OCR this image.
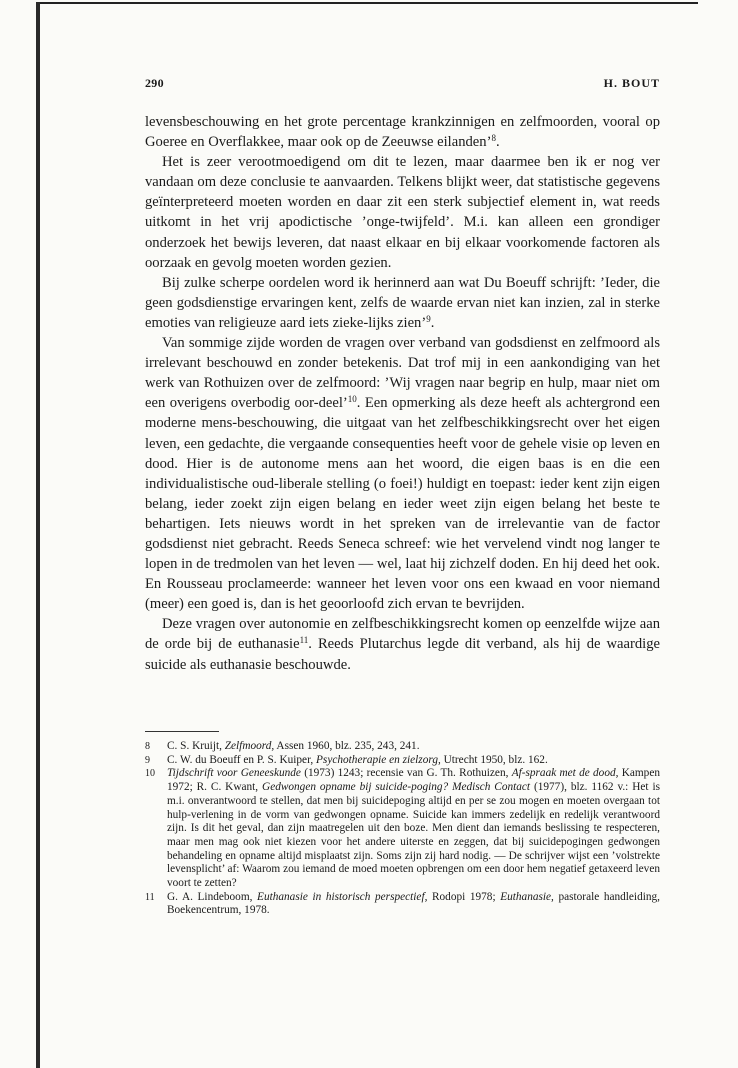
290	H. BOUT

levensbeschouwing en het grote percentage krankzinnigen en zelfmoorden, vooral op Goeree en Overflakkee, maar ook op de Zeeuwse eilanden’$^8$.

Het is zeer verootmoedigend om dit te lezen, maar daarmee ben ik er nog ver vandaan om deze conclusie te aanvaarden. Telkens blijkt weer, dat statistische gegevens geïnterpreteerd moeten worden en daar zit een sterk subjectief element in, wat reeds uitkomt in het vrij apodictische ’onge-twijfeld’. M.i. kan alleen een grondiger onderzoek het bewijs leveren, dat naast elkaar en bij elkaar voorkomende factoren als oorzaak en gevolg moeten worden gezien.

Bij zulke scherpe oordelen word ik herinnerd aan wat Du Boeuff schrijft: ’Ieder, die geen godsdienstige ervaringen kent, zelfs de waarde ervan niet kan inzien, zal in sterke emoties van religieuze aard iets zieke-lijks zien’$^9$.

Van sommige zijde worden de vragen over verband van godsdienst en zelfmoord als irrelevant beschouwd en zonder betekenis. Dat trof mij in een aankondiging van het werk van Rothuizen over de zelfmoord: ’Wij vragen naar begrip en hulp, maar niet om een overigens overbodig oor-deel’$^{10}$. Een opmerking als deze heeft als achtergrond een moderne mens-beschouwing, die uitgaat van het zelfbeschikkingsrecht over het eigen leven, een gedachte, die vergaande consequenties heeft voor de gehele visie op leven en dood. Hier is de autonome mens aan het woord, die eigen baas is en die een individualistische oud-liberale stelling (o foei!) huldigt en toepast: ieder kent zijn eigen belang, ieder zoekt zijn eigen belang en ieder weet zijn eigen belang het beste te behartigen. Iets nieuws wordt in het spreken van de irrelevantie van de factor godsdienst niet gebracht. Reeds Seneca schreef: wie het vervelend vindt nog langer te lopen in de tredmolen van het leven — wel, laat hij zichzelf doden. En hij deed het ook. En Rousseau proclameerde: wanneer het leven voor ons een kwaad en voor niemand (meer) een goed is, dan is het geoorloofd zich ervan te bevrijden.

Deze vragen over autonomie en zelfbeschikkingsrecht komen op eenzelfde wijze aan de orde bij de euthanasie$^{11}$. Reeds Plutarchus legde dit verband, als hij de waardige suicide als euthanasie beschouwde.

8 C. S. Kruijt, Zelfmoord, Assen 1960, blz. 235, 243, 241.
9 C. W. du Boeuff en P. S. Kuiper, Psychotherapie en zielzorg, Utrecht 1950, blz. 162.
10 Tijdschrift voor Geneeskunde (1973) 1243; recensie van G. Th. Rothuizen, Af-spraak met de dood, Kampen 1972; R. C. Kwant, Gedwongen opname bij suicide-poging? Medisch Contact (1977), blz. 1162 v.: Het is m.i. onverantwoord te stellen, dat men bij suicidepoging altijd en per se zou mogen en moeten overgaan tot hulp-verlening in de vorm van gedwongen opname. Suicide kan immers zedelijk en redelijk verantwoord zijn. Is dit het geval, dan zijn maatregelen uit den boze. Men dient dan iemands beslissing te respecteren, maar men mag ook niet kiezen voor het andere uiterste en zeggen, dat bij suicidepogingen gedwongen behandeling en opname altijd misplaatst zijn. Soms zijn zij hard nodig. — De schrijver wijst een ’volstrekte levensplicht’ af: Waarom zou iemand de moed moeten opbrengen om een door hem negatief getaxeerd leven voort te zetten?
11 G. A. Lindeboom, Euthanasie in historisch perspectief, Rodopi 1978; Euthanasie, pastorale handleiding, Boekencentrum, 1978.
